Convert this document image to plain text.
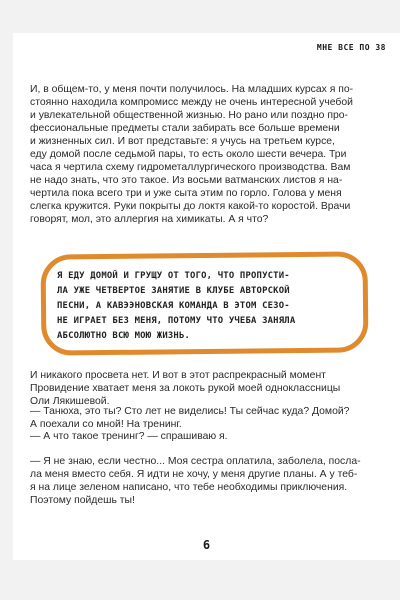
МНЕ ВСЕ ПО 38

И, в общем-то, у меня почти получилось. На младших курсах я по-
стоянно находила компромисс между не очень интересной учебой
и увлекательной общественной жизнью. Но рано или поздно про-
фессиональные предметы стали забирать все больше времени
и жизненных сил. И вот представьте: я учусь на третьем курсе,
еду домой после седьмой пары, то есть около шести вечера. Три
часа я чертила схему гидрометаллургического производства. Вам
не надо знать, что это такое. Из восьми ватманских листов я на-
чертила пока всего три и уже сыта этим по горло. Голова у меня
слегка кружится. Руки покрыты до локтя какой-то коростой. Врачи
говорят, мол, это аллергия на химикаты. А я что?

Я ЕДУ ДОМОЙ И ГРУЩУ ОТ ТОГО, ЧТО ПРОПУСТИ-
ЛА УЖЕ ЧЕТВЕРТОЕ ЗАНЯТИЕ В КЛУБЕ АВТОРСКОЙ
ПЕСНИ, А КАВЭЭНОВСКАЯ КОМАНДА В ЭТОМ СЕЗО-
НЕ ИГРАЕТ БЕЗ МЕНЯ, ПОТОМУ ЧТО УЧЕБА ЗАНЯЛА
АБСОЛЮТНО ВСЮ МОЮ ЖИЗНЬ.

И никакого просвета нет. И вот в этот распрекрасный момент
Провидение хватает меня за локоть рукой моей одноклассницы
Оли Лякишевой.

— Танюха, это ты? Сто лет не виделись! Ты сейчас куда? Домой?
А поехали со мной! На тренинг.

— А что такое тренинг? — спрашиваю я.

— Я не знаю, если честно... Моя сестра оплатила, заболела, посла-
ла меня вместо себя. Я идти не хочу, у меня другие планы. А у теб-
я на лице зеленом написано, что тебе необходимы приключения.
Поэтому пойдешь ты!

6
